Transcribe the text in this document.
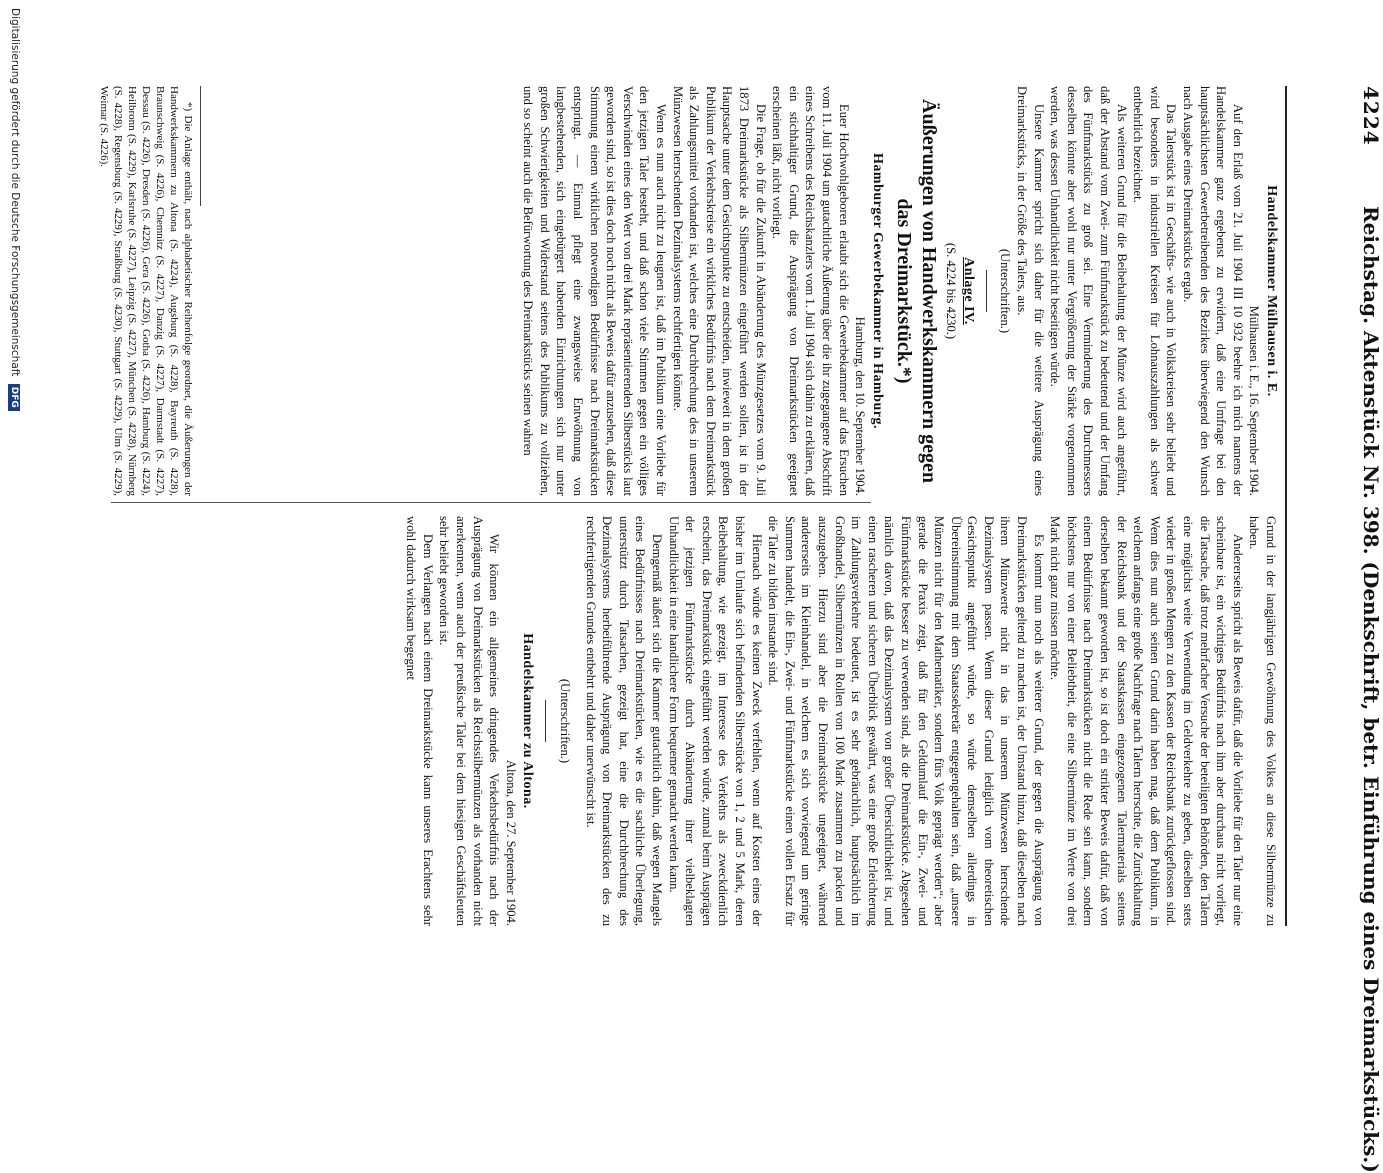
4224
Reichstag. Aktenstück Nr. 398. (Denkschrift, betr. Einführung eines Dreimarkstücks.)

Handelskammer Mülhausen i. E.

Mülhausen i. E., 16. September 1904.

Auf den Erlaß vom 21. Juli 1904 III 10 932 beehre ich mich namens der Handelskammer ganz ergebenst zu erwidern, daß eine Umfrage bei den hauptsächlichsten Gewerbetreibenden des Bezirkes überwiegend den Wunsch nach Ausgabe eines Dreimarkstücks ergab.

Das Talerstück ist in Geschäfts- wie auch in Volkskreisen sehr beliebt und wird besonders in industriellen Kreisen für Lohnauszahlungen als schwer entbehrlich bezeichnet.

Als weiteren Grund für die Beibehaltung der Münze wird auch angeführt, daß der Abstand vom Zwei- zum Fünfmarkstück zu bedeutend und der Umfang des Fünfmarkstücks zu groß sei. Eine Verminderung des Durchmessers desselben könnte aber wohl nur unter Vergrößerung der Stärke vorgenommen werden, was dessen Unhandlichkeit nicht beseitigen würde.

Unsere Kammer spricht sich daher für die weitere Ausprägung eines Dreimarkstücks, in der Größe des Talers, aus.

(Unterschriften.)

Anlage IV.

(S. 4224 bis 4230.)

Äußerungen von Handwerkskammern gegen das Dreimarkstück.*)

Hamburger Gewerbekammer in Hamburg.

Hamburg, den 10. September 1904.

Euer Hochwohlgeboren erlaubt sich die Gewerbekammer auf das Ersuchen vom 11. Juli 1904 um gutachtliche Äußerung über die ihr zugegangene Abschrift eines Schreibens des Reichskanzlers vom 1. Juli 1904 sich dahin zu erklären, daß ein stichhaltiger Grund, die Ausprägung von Dreimarkstücken geeignet erscheinen läßt, nicht vorliegt.

Die Frage, ob für die Zukunft in Abänderung des Münzgesetzes vom 9. Juli 1873 Dreimarkstücke als Silbermünzen eingeführt werden sollen, ist in der Hauptsache unter dem Gesichtspunkte zu entscheiden, inwieweit in dem großen Publikum der Verkehrskreise ein wirkliches Bedürfnis nach dem Dreimarkstück als Zahlungsmittel vorhanden ist, welches eine Durchbrechung des in unserem Münzwesen herrschenden Dezimalsystems rechtfertigen könnte.

Wenn es nun auch nicht zu leugnen ist, daß im Publikum eine Vorliebe für den jetzigen Taler besteht, und daß schon viele Stimmen gegen ein völliges Verschwinden eines den Wert von drei Mark repräsentierenden Silberstücks laut geworden sind, so ist dies doch noch nicht als Beweis dafür anzusehen, daß diese Stimmung einem wirklichen notwendigen Bedürfnisse nach Dreimarkstücken entspringt. — Einmal pflegt eine zwangsweise Entwöhnung von langbestehenden, sich eingebürgert habenden Einrichtungen sich nur unter großen Schwierigkeiten und Widerstand seitens des Publikums zu vollziehen, und so scheint auch die Befürwortung des Dreimarkstücks seinen wahren

*) Die Anlage enthält, nach alphabetischer Reihenfolge geordnet, die Äußerungen der Handwerkskammern zu Altona (S. 4224), Augsburg (S. 4228), Bayreuth (S. 4228), Braunschweig (S. 4226), Chemnitz (S. 4227), Danzig (S. 4227), Darmstadt (S. 4227), Dessau (S. 4226), Dresden (S. 4226), Gera (S. 4226), Gotha (S. 4226), Hamburg (S. 4224), Heilbronn (S. 4229), Karlsruhe (S. 4227), Leipzig (S. 4227), München (S. 4228), Nürnberg (S. 4228), Regensburg (S. 4229), Straßburg (S. 4230), Stuttgart (S. 4229), Ulm (S. 4229), Weimar (S. 4226).

Grund in der langjährigen Gewöhnung des Volkes an diese Silbermünze zu haben.

Andererseits spricht als Beweis dafür, daß die Vorliebe für den Taler nur eine scheinbare ist, ein wichtiges Bedürfnis nach ihm aber durchaus nicht vorliegt, die Tatsache, daß trotz mehrfacher Versuche der beteiligten Behörden, den Talern eine möglichst weite Verwendung im Geldverkehre zu geben, dieselben stets wieder in großen Mengen zu den Kassen der Reichsbank zurückgeflossen sind. Wenn dies nun auch seinen Grund darin haben mag, daß dem Publikum, in welchem anfangs eine große Nachfrage nach Talern herrschte, die Zurückhaltung der Reichsbank und der Staatskassen eingezogenen Talermaterials seitens derselben bekannt geworden ist, so ist doch ein strikter Beweis dafür, daß von einem Bedürfnisse nach Dreimarkstücken nicht die Rede sein kann, sondern höchstens nur von einer Beliebtheit, die eine Silbermünze im Werte von drei Mark nicht ganz missen möchte.

Es kommt nun noch als weiterer Grund, der gegen die Ausprägung von Dreimarkstücken geltend zu machen ist, der Umstand hinzu, daß dieselben nach ihrem Münzwerte nicht in das in unserem Münzwesen herrschende Dezimalsystem passen. Wenn dieser Grund lediglich vom theoretischen Gesichtspunkt angeführt würde, so würde demselben allerdings in Übereinstimmung mit dem Staatssekretär entgegengehalten sein, daß „unsere Münzen nicht für den Mathematiker, sondern fürs Volk geprägt werden“; aber gerade die Praxis zeigt, daß für den Geldumlauf die Ein-, Zwei- und Fünfmarkstücke besser zu verwenden sind, als die Dreimarkstücke. Abgesehen nämlich davon, daß das Dezimalsystem von großer Übersichtlichkeit ist, und einen rascheren und sicheren Überblick gewährt, was eine große Erleichterung im Zahlungsverkehre bedeutet, ist es sehr gebräuchlich, hauptsächlich im Großhandel, Silbermünzen in Rollen von 100 Mark zusammen zu packen und auszugeben. Hierzu sind aber die Dreimarkstücke ungeeignet, während andererseits im Kleinhandel, in welchem es sich vorwiegend um geringe Summen handelt, die Ein-, Zwei- und Fünfmarkstücke einen vollen Ersatz für die Taler zu bilden imstande sind.

Hiernach würde es keinen Zweck verfehlen, wenn auf Kosten eines der bisher im Umlaufe sich befindenden Silberstücke von 1, 2 und 5 Mark, deren Beibehaltung, wie gezeigt, im Interesse des Verkehrs als zweckdienlich erscheint, das Dreimarkstück eingeführt werden würde, zumal beim Ausprägen der jetzigen Fünfmarkstücke durch Abänderung ihrer vielbeklagten Unhandlichkeit in eine handlichere Form bequemer gemacht werden kann.

Demgemäß äußert sich die Kammer gutachtlich dahin, daß wegen Mangels eines Bedürfnisses nach Dreimarkstücken, wie es die sachliche Überlegung, unterstützt durch Tatsachen, gezeigt hat, eine die Durchbrechung des Dezimalsystems herbeiführende Ausprägung von Dreimarkstücken des zu rechtfertigenden Grundes entbehrt und daher unerwünscht ist.

(Unterschriften.)

Handelskammer zu Altona.

Altona, den 27. September 1904.

Wir können ein allgemeines dringendes Verkehrsbedürfnis nach der Ausprägung von Dreimarkstücken als Reichssilbermünzen als vorhanden nicht anerkennen, wenn auch der preußische Taler bei dem hiesigen Geschäftsleuten sehr beliebt geworden ist.

Dem Verlangen nach einem Dreimarkstücke kann unseres Erachtens sehr wohl dadurch wirksam begegnet

Digitalisierung gefördert durch die Deutsche Forschungsgemeinschaft DFG
